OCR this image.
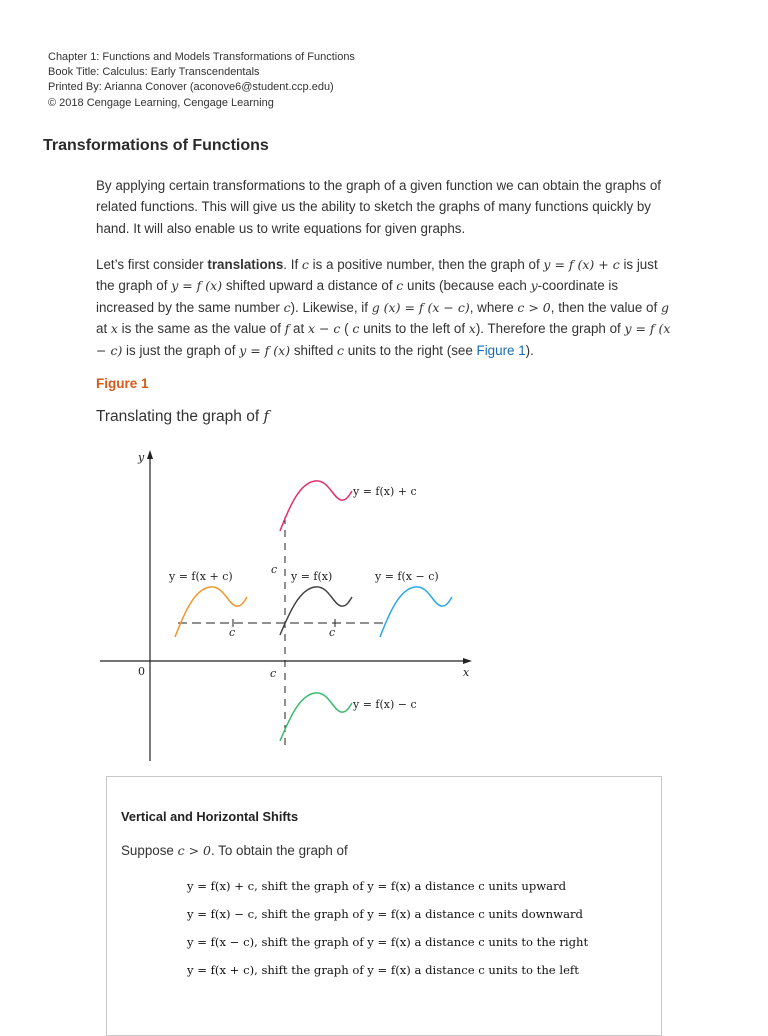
Chapter 1: Functions and Models Transformations of Functions
Book Title: Calculus: Early Transcendentals
Printed By: Arianna Conover (aconove6@student.ccp.edu)
© 2018 Cengage Learning, Cengage Learning
Transformations of Functions

By applying certain transformations to the graph of a given function we can obtain the graphs of related functions. This will give us the ability to sketch the graphs of many functions quickly by hand. It will also enable us to write equations for given graphs.

Let’s first consider translations. If c is a positive number, then the graph of y = f (x) + c is just the graph of y = f (x) shifted upward a distance of c units (because each y-coordinate is increased by the same number c). Likewise, if g (x) = f (x − c), where c > 0, then the value of g at x is the same as the value of f at x − c ( c units to the left of x). Therefore the graph of y = f (x − c) is just the graph of y = f (x) shifted c units to the right (see Figure 1).

Figure 1
Translating the graph of f
y
x
0
c
c
c	c
y = f(x) + c
y = f(x + c)	y = f(x)	y = f(x − c)
y = f(x) − c
Vertical and Horizontal Shifts
Suppose c > 0. To obtain the graph of
y = f(x) + c, shift the graph of y = f(x) a distance c units upward
y = f(x) − c, shift the graph of y = f(x) a distance c units downward
y = f(x − c), shift the graph of y = f(x) a distance c units to the right
y = f(x + c), shift the graph of y = f(x) a distance c units to the left
